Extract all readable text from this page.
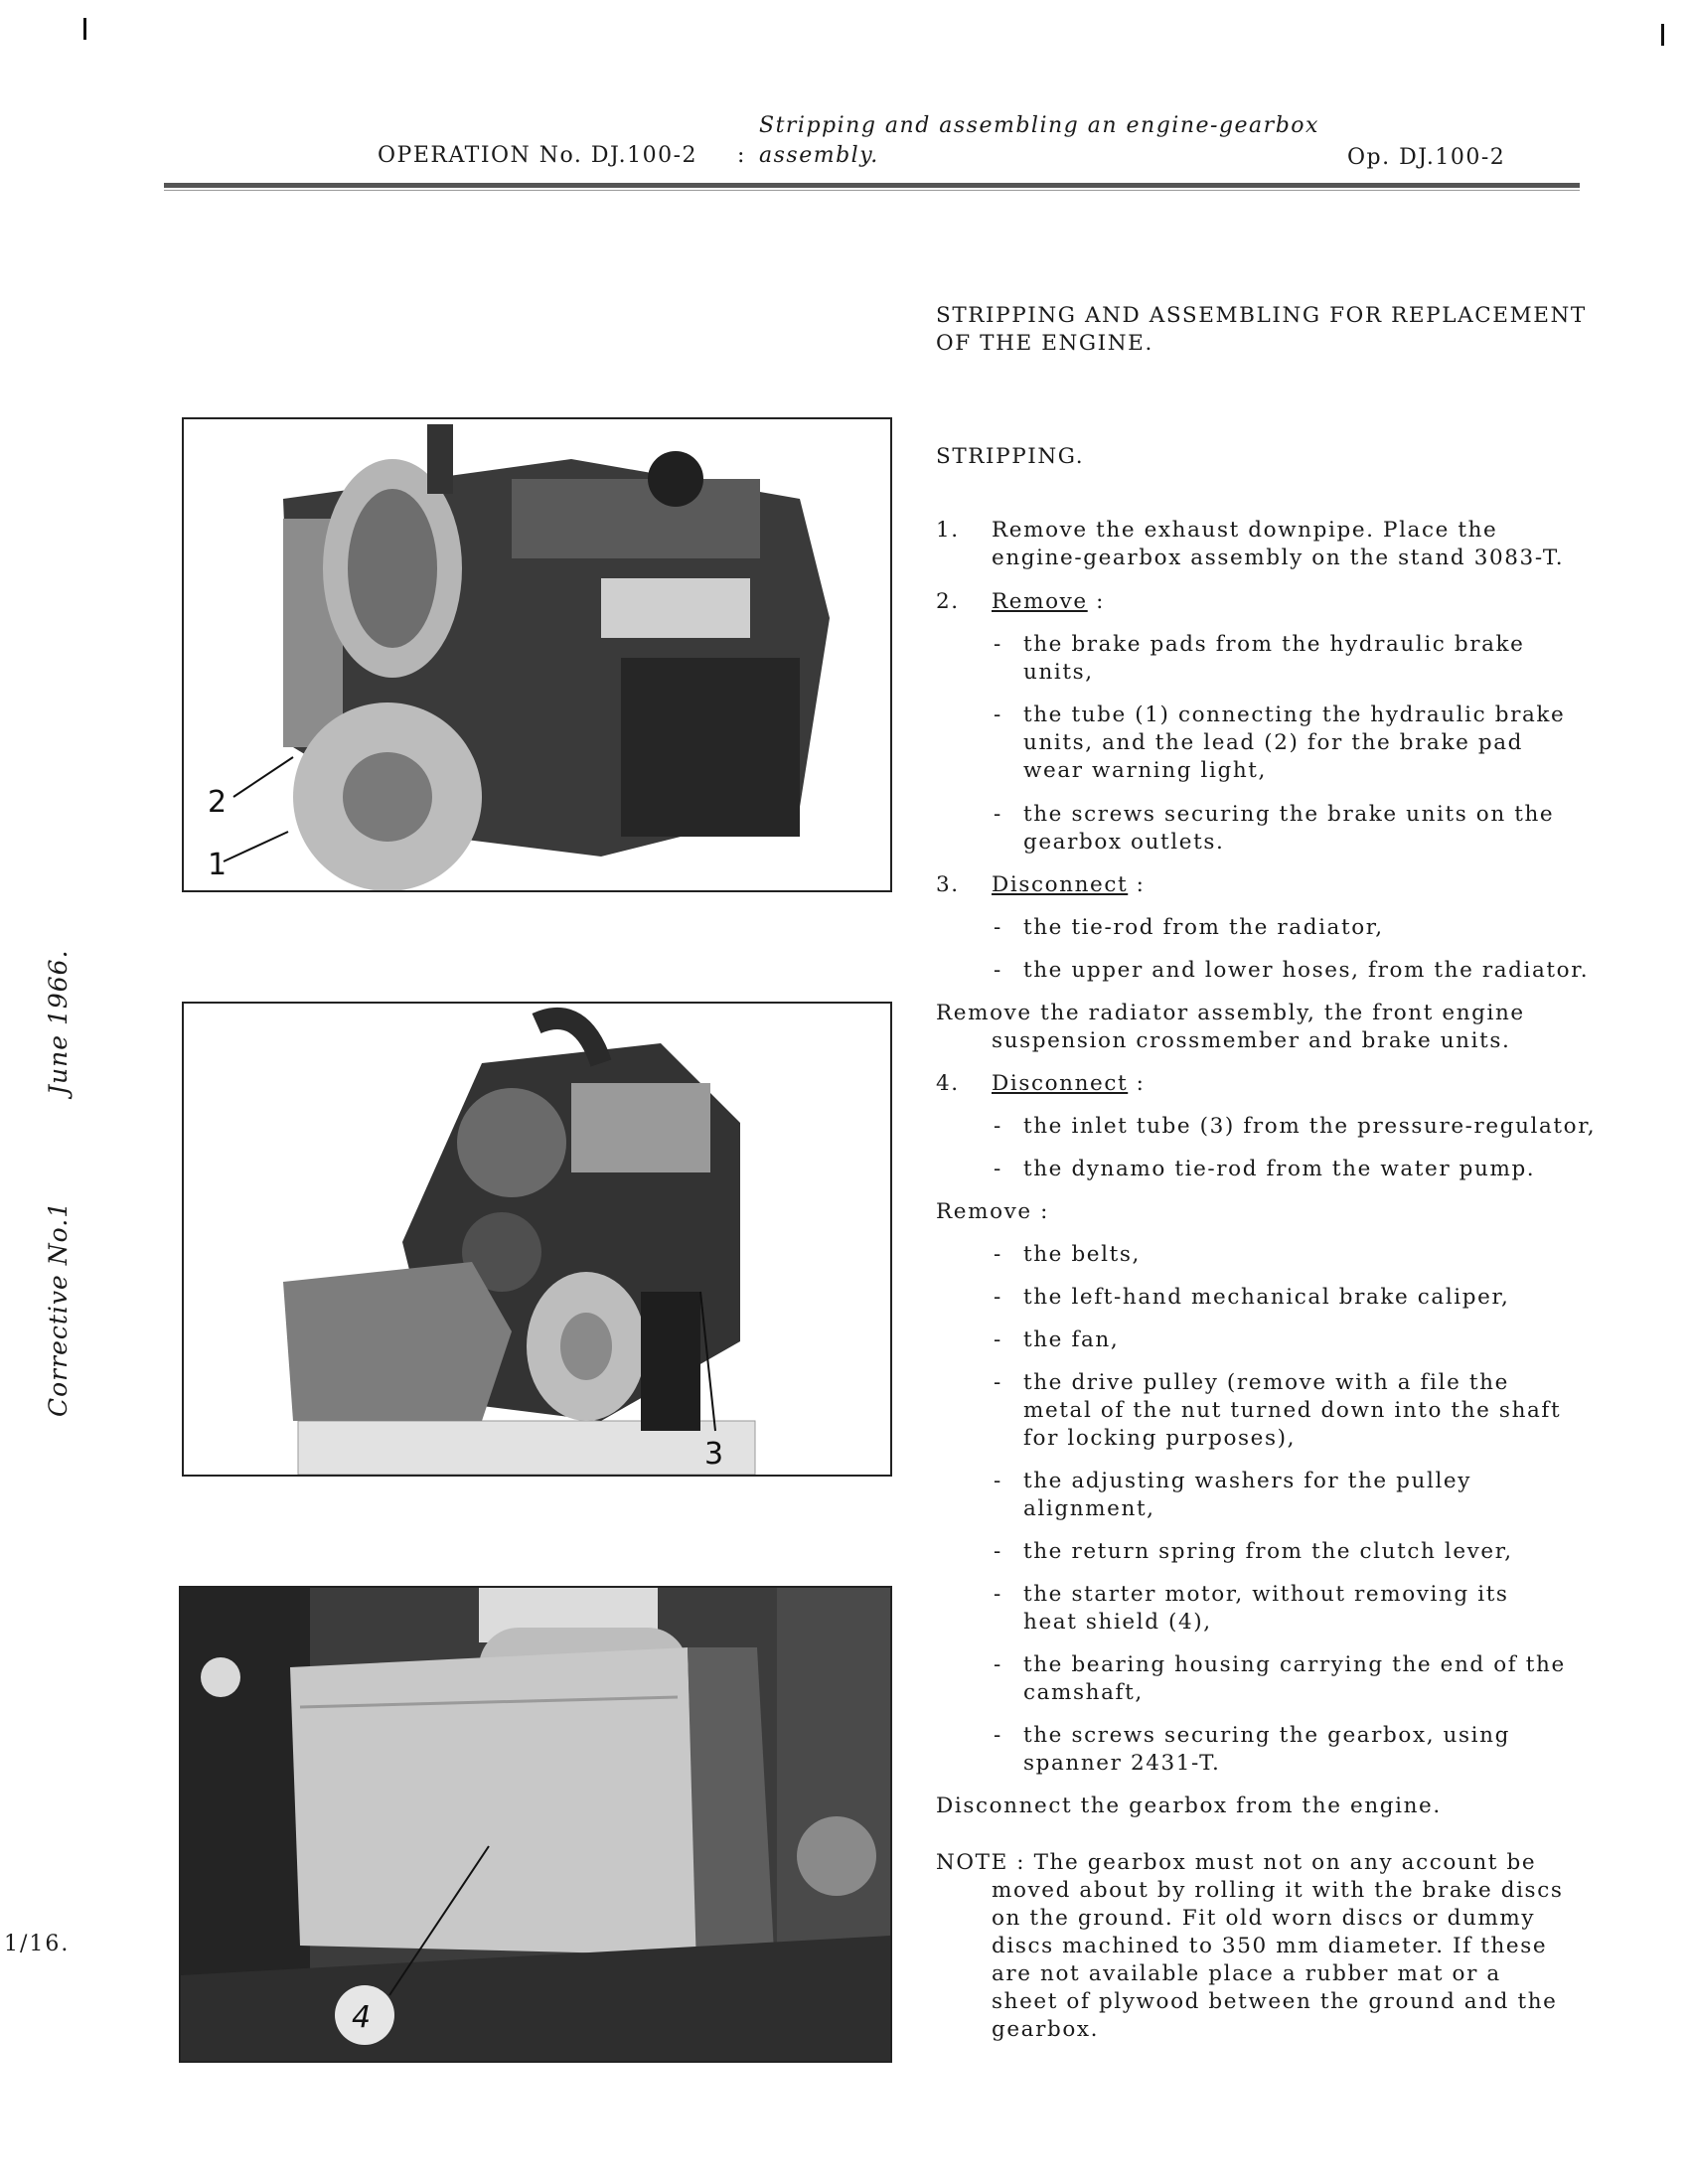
OPERATION No. DJ.100-2 :
Stripping and assembling an engine-gearbox
assembly.	Op. DJ.100-2
STRIPPING AND ASSEMBLING FOR REPLACEMENT
OF THE ENGINE.
2
1
3
4
June 1966.
Corrective No.1
1/16.
STRIPPING.
1. Remove the exhaust downpipe. Place the
engine-gearbox assembly on the stand 3083-T.
2. Remove :
- the brake pads from the hydraulic brake
units,
- the tube (1) connecting the hydraulic brake
units, and the lead (2) for the brake pad
wear warning light,
- the screws securing the brake units on the
gearbox outlets.
3. Disconnect :
- the tie-rod from the radiator,
- the upper and lower hoses, from the radiator.
Remove the radiator assembly, the front engine
suspension crossmember and brake units.
4. Disconnect :
- the inlet tube (3) from the pressure-regulator,
- the dynamo tie-rod from the water pump.
Remove :
- the belts,
- the left-hand mechanical brake caliper,
- the fan,
- the drive pulley (remove with a file the
metal of the nut turned down into the shaft
for locking purposes),
- the adjusting washers for the pulley
alignment,
- the return spring from the clutch lever,
- the starter motor, without removing its
heat shield (4),
- the bearing housing carrying the end of the
camshaft,
- the screws securing the gearbox, using
spanner 2431-T.
Disconnect the gearbox from the engine.
NOTE : The gearbox must not on any account be
moved about by rolling it with the brake discs
on the ground. Fit old worn discs or dummy
discs machined to 350 mm diameter. If these
are not available place a rubber mat or a
sheet of plywood between the ground and the
gearbox.
